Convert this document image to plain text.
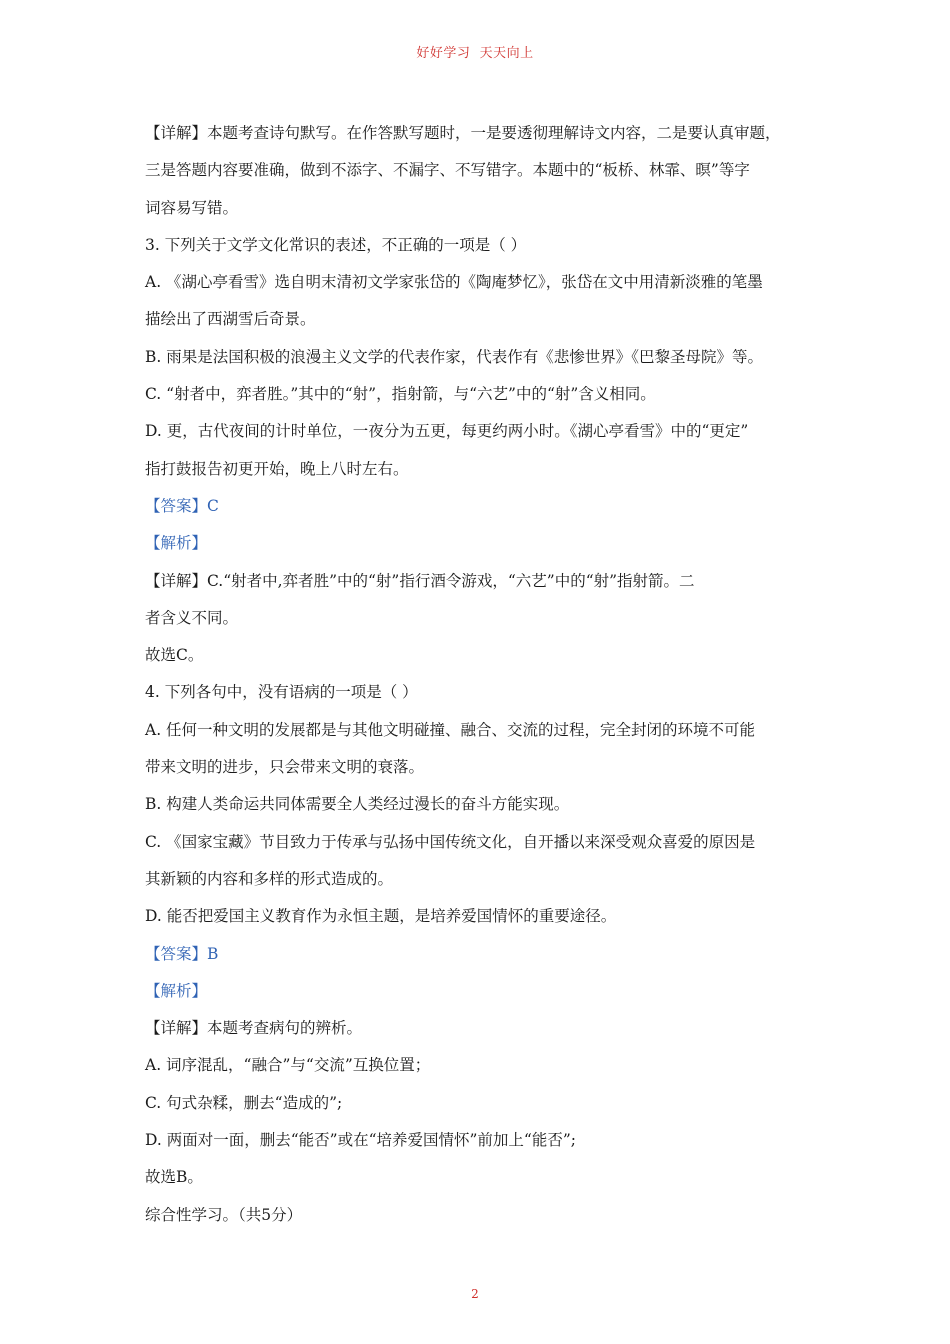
好好学习  天天向上
【详解】本题考查诗句默写。在作答默写题时，一是要透彻理解诗文内容，二是要认真审题，
三是答题内容要准确，做到不添字、不漏字、不写错字。本题中的“板桥、林霏、暝”等字
词容易写错。
3. 下列关于文学文化常识的表述，不正确的一项是（ ）
A. 《湖心亭看雪》选自明末清初文学家张岱的《陶庵梦忆》，张岱在文中用清新淡雅的笔墨
描绘出了西湖雪后奇景。
B. 雨果是法国积极的浪漫主义文学的代表作家，代表作有《悲惨世界》《巴黎圣母院》等。
C. “射者中，弈者胜。”其中的“射”，指射箭，与“六艺”中的“射”含义相同。
D. 更，古代夜间的计时单位，一夜分为五更，每更约两小时。《湖心亭看雪》中的“更定”
指打鼓报告初更开始，晚上八时左右。
【答案】C
【解析】
【详解】C.“射者中,弈者胜”中的“射”指行酒令游戏，“六艺”中的“射”指射箭。二
者含义不同。
故选C。
4. 下列各句中，没有语病的一项是（ ）
A. 任何一种文明的发展都是与其他文明碰撞、融合、交流的过程，完全封闭的环境不可能
带来文明的进步，只会带来文明的衰落。
B. 构建人类命运共同体需要全人类经过漫长的奋斗方能实现。
C. 《国家宝藏》节目致力于传承与弘扬中国传统文化，自开播以来深受观众喜爱的原因是
其新颖的内容和多样的形式造成的。
D. 能否把爱国主义教育作为永恒主题，是培养爱国情怀的重要途径。
【答案】B
【解析】
【详解】本题考查病句的辨析。
A. 词序混乱，“融合”与“交流”互换位置；
C. 句式杂糅，删去“造成的”;
D. 两面对一面，删去“能否”或在“培养爱国情怀”前加上“能否”;
故选B。
综合性学习。（共5分）
2
